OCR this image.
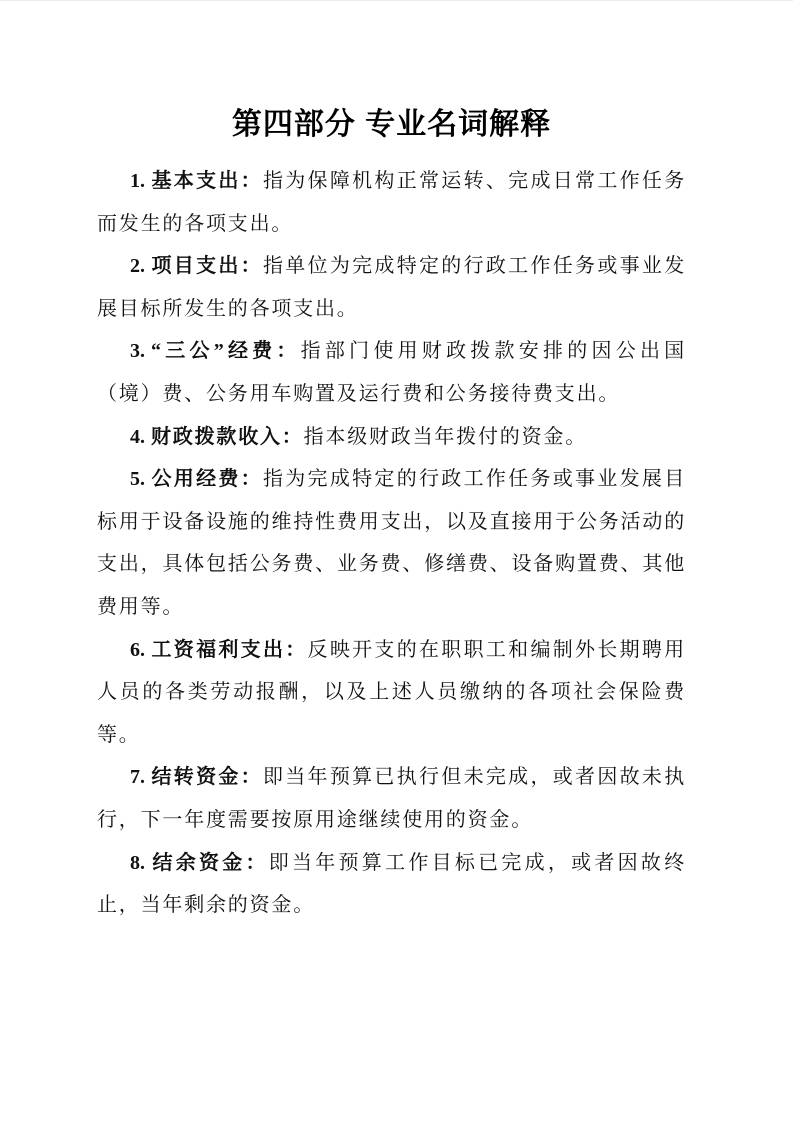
第四部分 专业名词解释

1. 基本支出：指为保障机构正常运转、完成日常工作任务而发生的各项支出。

2. 项目支出：指单位为完成特定的行政工作任务或事业发展目标所发生的各项支出。

3. “三公”经费：指部门使用财政拨款安排的因公出国（境）费、公务用车购置及运行费和公务接待费支出。

4. 财政拨款收入：指本级财政当年拨付的资金。

5. 公用经费：指为完成特定的行政工作任务或事业发展目标用于设备设施的维持性费用支出，以及直接用于公务活动的支出，具体包括公务费、业务费、修缮费、设备购置费、其他费用等。

6. 工资福利支出：反映开支的在职职工和编制外长期聘用人员的各类劳动报酬，以及上述人员缴纳的各项社会保险费等。

7. 结转资金：即当年预算已执行但未完成，或者因故未执行，下一年度需要按原用途继续使用的资金。

8. 结余资金：即当年预算工作目标已完成，或者因故终止，当年剩余的资金。
